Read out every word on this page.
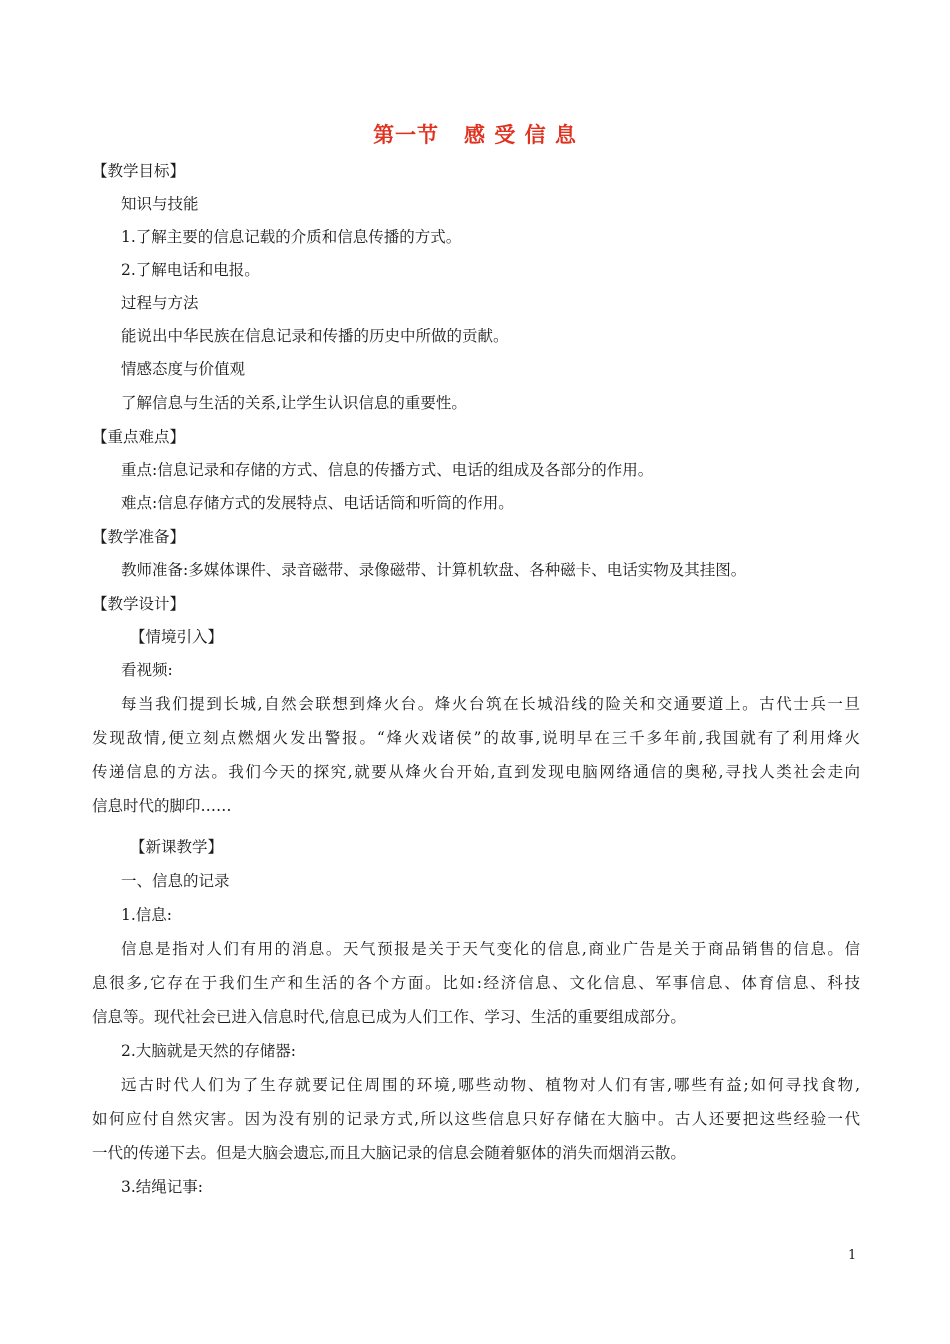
第一节   感 受 信 息
【教学目标】
知识与技能
1.了解主要的信息记载的介质和信息传播的方式。
2.了解电话和电报。
过程与方法
能说出中华民族在信息记录和传播的历史中所做的贡献。
情感态度与价值观
了解信息与生活的关系,让学生认识信息的重要性。
【重点难点】
重点:信息记录和存储的方式、信息的传播方式、电话的组成及各部分的作用。
难点:信息存储方式的发展特点、电话话筒和听筒的作用。
【教学准备】
教师准备:多媒体课件、录音磁带、录像磁带、计算机软盘、各种磁卡、电话实物及其挂图。
【教学设计】
【情境引入】
看视频:
每当我们提到长城,自然会联想到烽火台。烽火台筑在长城沿线的险关和交通要道上。古代士兵一旦
发现敌情,便立刻点燃烟火发出警报。“烽火戏诸侯”的故事,说明早在三千多年前,我国就有了利用烽火
传递信息的方法。我们今天的探究,就要从烽火台开始,直到发现电脑网络通信的奥秘,寻找人类社会走向
信息时代的脚印……
【新课教学】
一、信息的记录
1.信息:
信息是指对人们有用的消息。天气预报是关于天气变化的信息,商业广告是关于商品销售的信息。信
息很多,它存在于我们生产和生活的各个方面。比如:经济信息、文化信息、军事信息、体育信息、科技
信息等。现代社会已进入信息时代,信息已成为人们工作、学习、生活的重要组成部分。
2.大脑就是天然的存储器:
远古时代人们为了生存就要记住周围的环境,哪些动物、植物对人们有害,哪些有益;如何寻找食物,
如何应付自然灾害。因为没有别的记录方式,所以这些信息只好存储在大脑中。古人还要把这些经验一代
一代的传递下去。但是大脑会遗忘,而且大脑记录的信息会随着躯体的消失而烟消云散。
3.结绳记事:
1
